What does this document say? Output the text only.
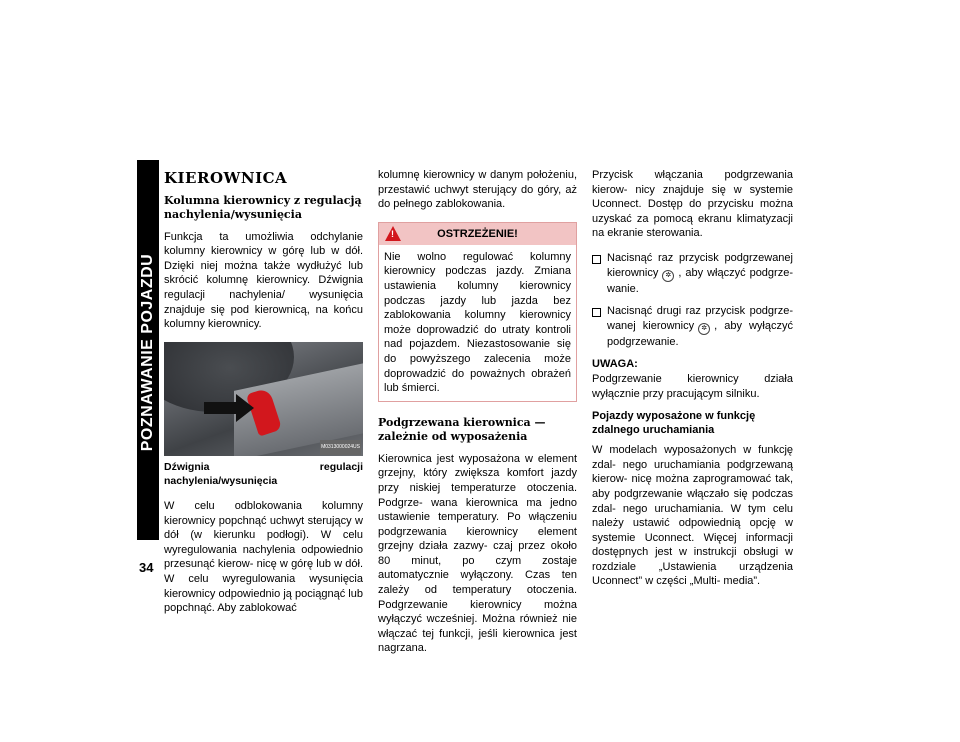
POZNAWANIE POJAZDU
34
KIEROWNICA
Kolumna kierownicy z regulacją nachylenia/wysunięcia

Funkcja ta umożliwia odchylanie kolumny kierownicy w górę lub w dół. Dzięki niej można także wydłużyć lub skrócić kolumnę kierownicy. Dźwignia regulacji nachylenia/ wysunięcia znajduje się pod kierownicą, na końcu kolumny kierownicy.

M0313000024US

Dźwignia regulacji nachylenia/wysunięcia

W celu odblokowania kolumny kierownicy popchnąć uchwyt sterujący w dół (w kierunku podłogi). W celu wyregulowania nachylenia odpowiednio przesunąć kierow- nicę w górę lub w dół. W celu wyregulowania wysunięcia kierownicy odpowiednio ją pociągnąć lub popchnąć. Aby zablokować

kolumnę kierownicy w danym położeniu, przestawić uchwyt sterujący do góry, aż do pełnego zablokowania.

!	OSTRZEŻENIE!

Nie wolno regulować kolumny kierownicy podczas jazdy. Zmiana ustawienia kolumny kierownicy podczas jazdy lub jazda bez zablokowania kolumny kierownicy może doprowadzić do utraty kontroli nad pojazdem. Niezastosowanie się do powyższego zalecenia może doprowadzić do poważnych obrażeń lub śmierci.

Podgrzewana kierownica — zależnie od wyposażenia

Kierownica jest wyposażona w element grzejny, który zwiększa komfort jazdy przy niskiej temperaturze otoczenia. Podgrze- wana kierownica ma jedno ustawienie temperatury. Po włączeniu podgrzewania kierownicy element grzejny działa zazwy- czaj przez około 80 minut, po czym zostaje automatycznie wyłączony. Czas ten zależy od temperatury otoczenia. Podgrzewanie kierownicy można wyłączyć wcześniej. Można również nie włączać tej funkcji, jeśli kierownica jest nagrzana.

Przycisk włączania podgrzewania kierow- nicy znajduje się w systemie Uconnect. Dostęp do przycisku można uzyskać za pomocą ekranu klimatyzacji na ekranie sterowania.

Nacisnąć raz przycisk podgrzewanej kierownicy ✲ , aby włączyć podgrze- wanie.
Nacisnąć drugi raz przycisk podgrze- wanej kierownicy ✲ , aby wyłączyć podgrzewanie.

UWAGA:
Podgrzewanie kierownicy działa wyłącznie przy pracującym silniku.

Pojazdy wyposażone w funkcję zdalnego uruchamiania

W modelach wyposażonych w funkcję zdal- nego uruchamiania podgrzewaną kierow- nicę można zaprogramować tak, aby podgrzewanie włączało się podczas zdal- nego uruchamiania. W tym celu należy ustawić odpowiednią opcję w systemie Uconnect. Więcej informacji dostępnych jest w instrukcji obsługi w rozdziale „Ustawienia urządzenia Uconnect” w części „Multi- media”.
